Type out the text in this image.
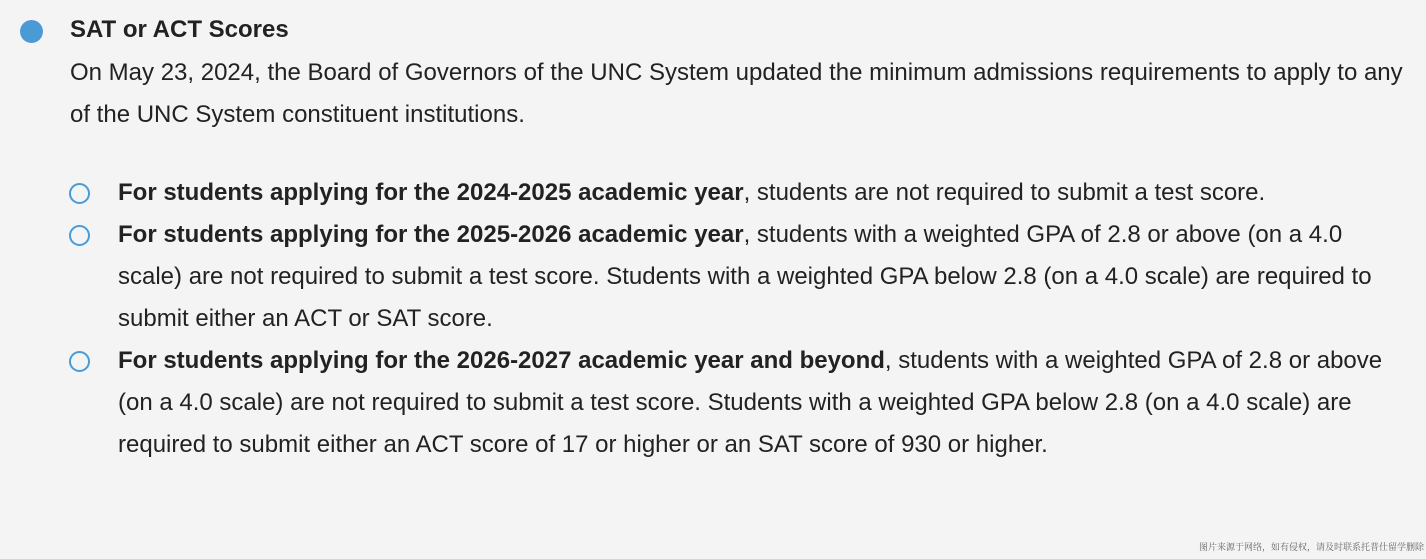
SAT or ACT Scores

On May 23, 2024, the Board of Governors of the UNC System updated the minimum admissions requirements to apply to any of the UNC System constituent institutions.

For students applying for the 2024-2025 academic year, students are not required to submit a test score.
For students applying for the 2025-2026 academic year, students with a weighted GPA of 2.8 or above (on a 4.0 scale) are not required to submit a test score. Students with a weighted GPA below 2.8 (on a 4.0 scale) are required to submit either an ACT or SAT score.
For students applying for the 2026-2027 academic year and beyond, students with a weighted GPA of 2.8 or above (on a 4.0 scale) are not required to submit a test score. Students with a weighted GPA below 2.8 (on a 4.0 scale) are required to submit either an ACT score of 17 or higher or an SAT score of 930 or higher.
图片来源于网络，如有侵权，请及时联系托普仕留学删除
